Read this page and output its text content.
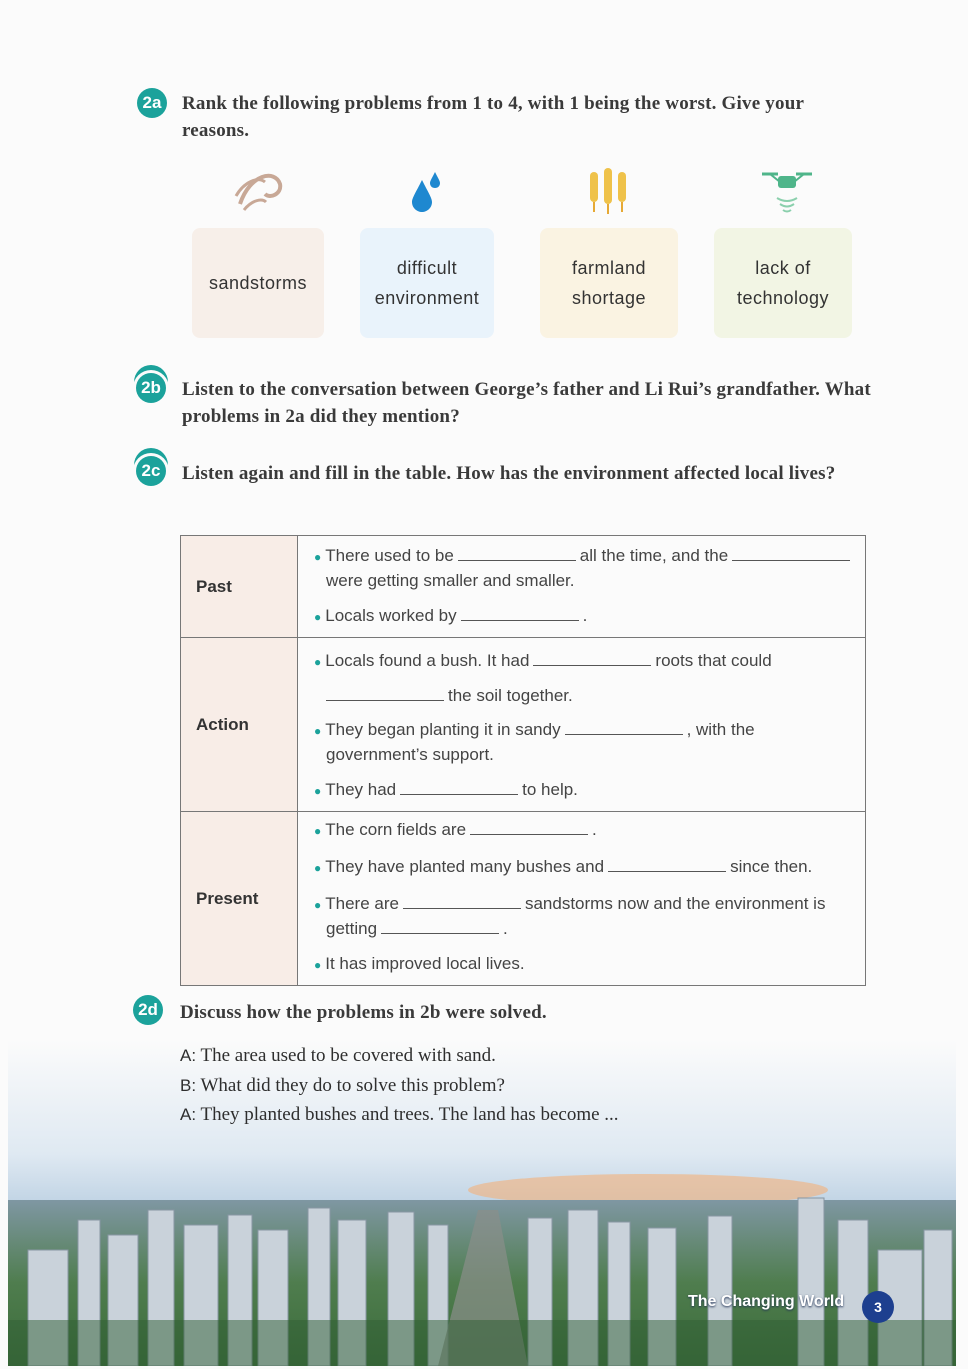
2a Rank the following problems from 1 to 4, with 1 being the worst. Give your reasons.
sandstorms
difficult
environment
farmland
shortage
lack of
technology
2b Listen to the conversation between George’s father and Li Rui’s grandfather. What problems in 2a did they mention?
2c Listen again and fill in the table. How has the environment affected local lives?
Past	● There used to be all the time, and the
were getting smaller and smaller.

● Locals worked by .

Action	● Locals found a bush. It had roots that could
the soil together.

● They began planting it in sandy , with the government’s support.

● They had to help.

Present	● The corn fields are .

● They have planted many bushes and since then.

● There are sandstorms now and the environment is getting .

● It has improved local lives.

2d Discuss how the problems in 2b were solved.
A: The area used to be covered with sand.
B: What did they do to solve this problem?
A: They planted bushes and trees. The land has become ...
The Changing World	3
